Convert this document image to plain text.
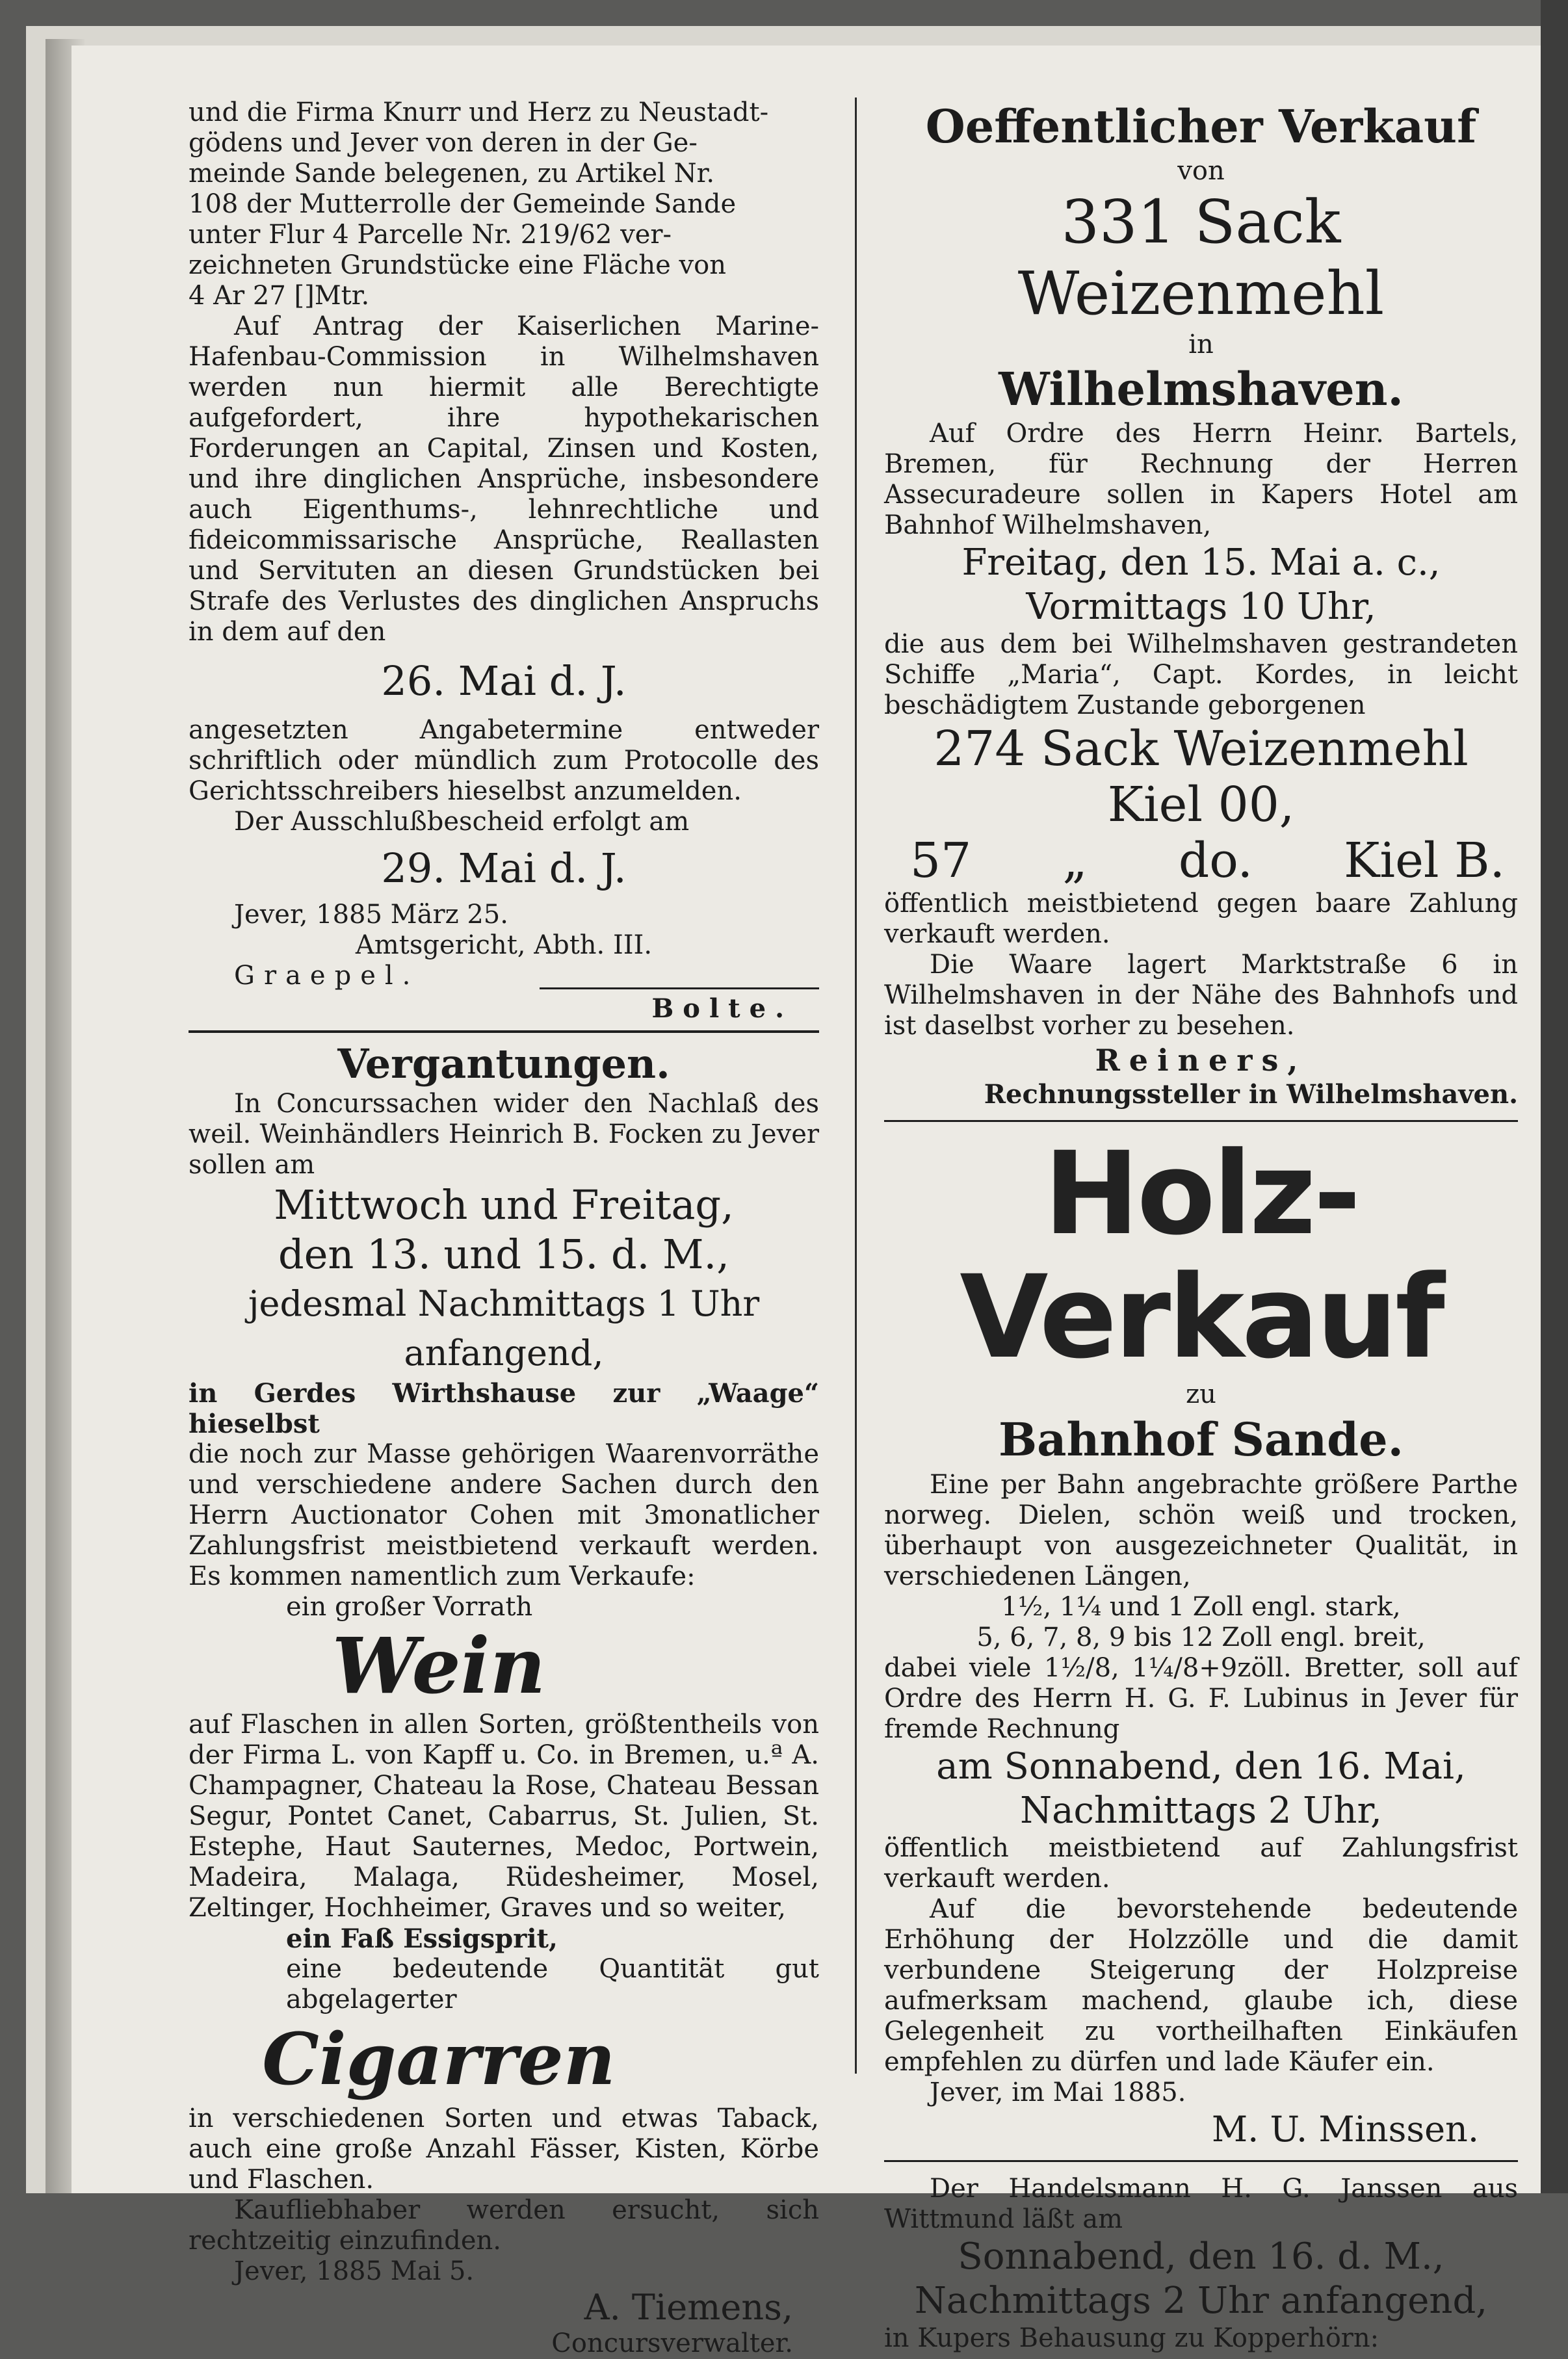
und die Firma Knurr und Herz zu Neustadt-

gödens und Jever von deren in der Ge-

meinde Sande belegenen, zu Artikel Nr.

108 der Mutterrolle der Gemeinde Sande

unter Flur 4 Parcelle Nr. 219/62 ver-

zeichneten Grundstücke eine Fläche von

4 Ar 27 []Mtr.

Auf Antrag der Kaiserlichen Marine-Hafenbau-Commission in Wilhelmshaven werden nun hiermit alle Berechtigte aufgefordert, ihre hypothekarischen Forderungen an Capital, Zinsen und Kosten, und ihre dinglichen Ansprüche, insbesondere auch Eigenthums-, lehnrechtliche und fideicommissarische Ansprüche, Reallasten und Servituten an diesen Grundstücken bei Strafe des Verlustes des dinglichen Anspruchs in dem auf den

26. Mai d. J.

angesetzten Angabetermine entweder schriftlich oder mündlich zum Protocolle des Gerichtsschreibers hieselbst anzumelden.

Der Ausschlußbescheid erfolgt am

29. Mai d. J.

Jever, 1885 März 25.

Amtsgericht, Abth. III.

Graepel.

Bolte.

Vergantungen.

In Concurssachen wider den Nachlaß des weil. Weinhändlers Heinrich B. Focken zu Jever sollen am

Mittwoch und Freitag,

den 13. und 15. d. M.,

jedesmal Nachmittags 1 Uhr anfangend,

in Gerdes Wirthshause zur „Waage“ hieselbst

die noch zur Masse gehörigen Waarenvorräthe und verschiedene andere Sachen durch den Herrn Auctionator Cohen mit 3monatlicher Zahlungsfrist meistbietend verkauft werden. Es kommen namentlich zum Verkaufe:

ein großer Vorrath

Wein

auf Flaschen in allen Sorten, größtentheils von der Firma L. von Kapff u. Co. in Bremen, u.ª A. Champagner, Chateau la Rose, Chateau Bessan Segur, Pontet Canet, Cabarrus, St. Julien, St. Estephe, Haut Sauternes, Medoc, Portwein, Madeira, Malaga, Rüdesheimer, Mosel, Zeltinger, Hochheimer, Graves und so weiter,

ein Faß Essigsprit,

eine bedeutende Quantität gut abgelagerter

Cigarren

in verschiedenen Sorten und etwas Taback, auch eine große Anzahl Fässer, Kisten, Körbe und Flaschen.

Kaufliebhaber werden ersucht, sich rechtzeitig einzufinden.

Jever, 1885 Mai 5.

A. Tiemens,

Concursverwalter.

Oeffentlicher Verkauf

von

331 Sack Weizenmehl

in

Wilhelmshaven.

Auf Ordre des Herrn Heinr. Bartels, Bremen, für Rechnung der Herren Assecuradeure sollen in Kapers Hotel am Bahnhof Wilhelmshaven,

Freitag, den 15. Mai a. c.,

Vormittags 10 Uhr,

die aus dem bei Wilhelmshaven gestrandeten Schiffe „Maria“, Capt. Kordes, in leicht beschädigtem Zustande geborgenen

274 Sack Weizenmehl Kiel 00,

57 „ do. Kiel B.

öffentlich meistbietend gegen baare Zahlung verkauft werden.

Die Waare lagert Marktstraße 6 in Wilhelmshaven in der Nähe des Bahnhofs und ist daselbst vorher zu besehen.

Reiners,

Rechnungssteller in Wilhelmshaven.

Holz-Verkauf

zu

Bahnhof Sande.

Eine per Bahn angebrachte größere Parthe norweg. Dielen, schön weiß und trocken, überhaupt von ausgezeichneter Qualität, in verschiedenen Längen,

1½, 1¼ und 1 Zoll engl. stark,

5, 6, 7, 8, 9 bis 12 Zoll engl. breit,

dabei viele 1½/8, 1¼/8+9zöll. Bretter, soll auf Ordre des Herrn H. G. F. Lubinus in Jever für fremde Rechnung

am Sonnabend, den 16. Mai,

Nachmittags 2 Uhr,

öffentlich meistbietend auf Zahlungsfrist verkauft werden.

Auf die bevorstehende bedeutende Erhöhung der Holzzölle und die damit verbundene Steigerung der Holzpreise aufmerksam machend, glaube ich, diese Gelegenheit zu vortheilhaften Einkäufen empfehlen zu dürfen und lade Käufer ein.

Jever, im Mai 1885.

M. U. Minssen.

Der Handelsmann H. G. Janssen aus Wittmund läßt am

Sonnabend, den 16. d. M.,

Nachmittags 2 Uhr anfangend,

in Kupers Behausung zu Kopperhörn:
